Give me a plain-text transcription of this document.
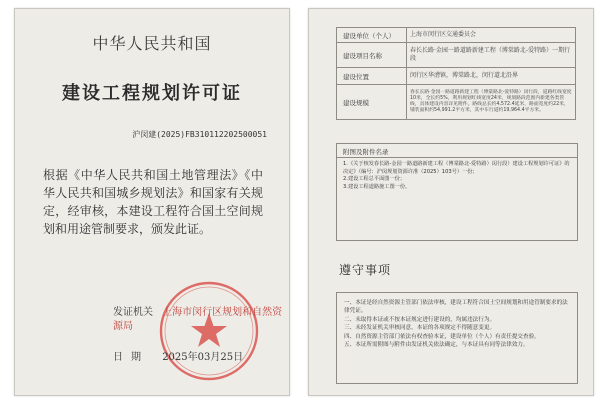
中华人民共和国
建设工程规划许可证
沪闵建(2025)FB310112202500051
根据《中华人民共和国土地管理法》《中华人民共和国城乡规划法》和国家有关规定，经审核，本建设工程符合国土空间规划和用途管制要求，颁发此证。
发证机关 上海市闵行区规划和自然资源局
日期 2025年03月25日
建设单位（个人）	上海市闵行区交通委员会
建设项目名称	春长长路·金园一路道路新建工程（博棠路北-爱特路）一期行段
建设位置	闵行区华漕镇，博棠路北，闵行道北沿界
建设规模	春长长路·金园一路道路新建工程（博棠路北-爱特路）闵行段，道路红线宽度10米，全长约5%，利用规划红线宽度24米，规划路段范围内新建各类管线，具体建设内容详见附件。路线总长约4,572.4延米，路面宽度约22米，铺装面积约54,991.2平方米，其中车行道约19,964.4平方米。
附图及附件名录
1.《关于核发春长路-金园一路道路新建工程（博棠路北-爱特路）闵行段）建设工程规划许可证》的决定》（编号：沪闵规划资源许准（2025）103号）一份；
2.建设工程总平面图一份；
3.建设工程道路施工图一份。
遵守事项
一、本证是经自然资源主管部门依法审核，建设工程符合国土空间规划和用途管制要求的法律凭证。
二、未取得本证或不按本证规定进行建设的，均属违法行为。
三、未经发证机关审核同意，本证的各项规定不得随意变更。
四、自然资源主管部门依法有权查验本证，建设单位（个人）有责任提交查验。
五、本证所需附图与附件由发证机关依法确定，与本证具有同等法律效力。
